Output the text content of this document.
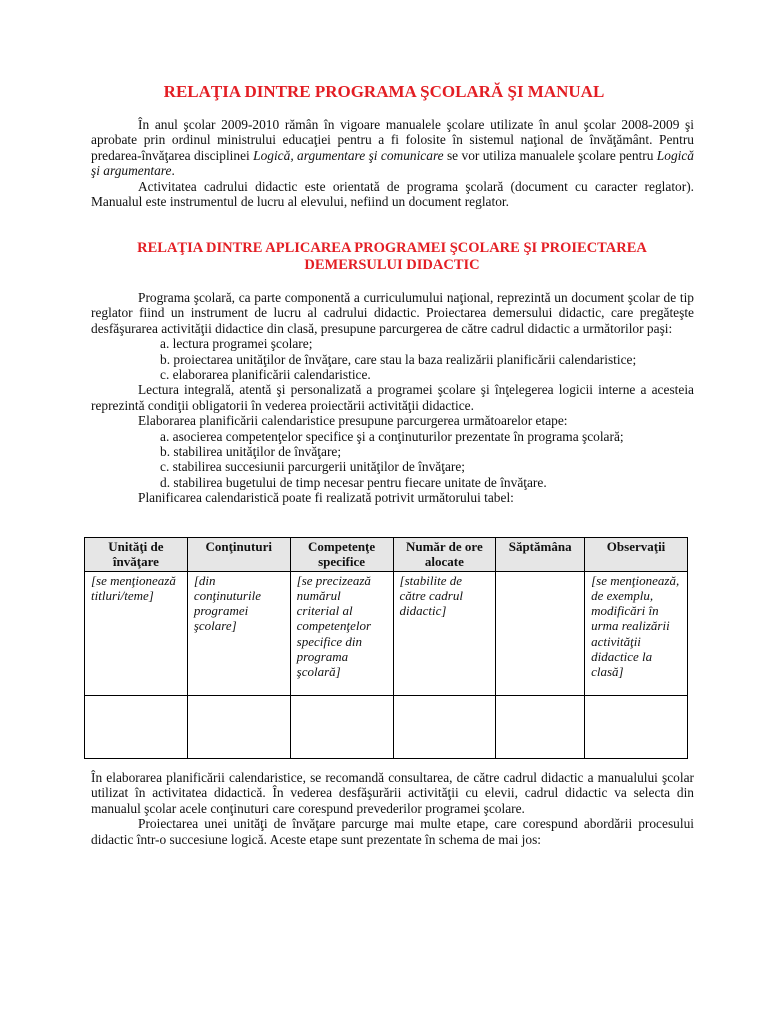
RELAŢIA DINTRE PROGRAMA ŞCOLARĂ ŞI MANUAL

În anul şcolar 2009-2010 rămân în vigoare manualele şcolare utilizate în anul şcolar 2008-2009 şi aprobate prin ordinul ministrului educaţiei pentru a fi folosite în sistemul naţional de învăţământ. Pentru predarea-învăţarea disciplinei Logică, argumentare şi comunicare se vor utiliza manualele şcolare pentru Logică şi argumentare.

Activitatea cadrului didactic este orientată de programa şcolară (document cu caracter reglator). Manualul este instrumentul de lucru al elevului, nefiind un document reglator.

RELAŢIA DINTRE APLICAREA PROGRAMEI ŞCOLARE ŞI PROIECTAREA
DEMERSULUI DIDACTIC

Programa şcolară, ca parte componentă a curriculumului naţional, reprezintă un document şcolar de tip reglator fiind un instrument de lucru al cadrului didactic. Proiectarea demersului didactic, care pregăteşte desfăşurarea activităţii didactice din clasă, presupune parcurgerea de către cadrul didactic a următorilor paşi:

a. lectura programei şcolare;

b. proiectarea unităţilor de învăţare, care stau la baza realizării planificării calendaristice;

c. elaborarea planificării calendaristice.

Lectura integrală, atentă şi personalizată a programei şcolare şi înţelegerea logicii interne a acesteia reprezintă condiţii obligatorii în vederea proiectării activităţii didactice.

Elaborarea planificării calendaristice presupune parcurgerea următoarelor etape:

a. asocierea competenţelor specifice şi a conţinuturilor prezentate în programa şcolară;

b. stabilirea unităţilor de învăţare;

c. stabilirea succesiunii parcurgerii unităţilor de învăţare;

d. stabilirea bugetului de timp necesar pentru fiecare unitate de învăţare.

Planificarea calendaristică poate fi realizată potrivit următorului tabel:

Unităţi de învăţare	Conţinuturi	Competenţe specifice	Număr de ore alocate	Săptămâna	Observaţii
[se menţionează titluri/teme]	[din conţinuturile programei şcolare]	[se precizează numărul criterial al competenţelor specifice din programa şcolară]	[stabilite de către cadrul didactic]		[se menţionează, de exemplu, modificări în urma realizării activităţii didactice la clasă]

În elaborarea planificării calendaristice, se recomandă consultarea, de către cadrul didactic a manualului şcolar utilizat în activitatea didactică. În vederea desfăşurării activităţii cu elevii, cadrul didactic va selecta din manualul şcolar acele conţinuturi care corespund prevederilor programei şcolare.

Proiectarea unei unităţi de învăţare parcurge mai multe etape, care corespund abordării procesului didactic într-o succesiune logică. Aceste etape sunt prezentate în schema de mai jos:
